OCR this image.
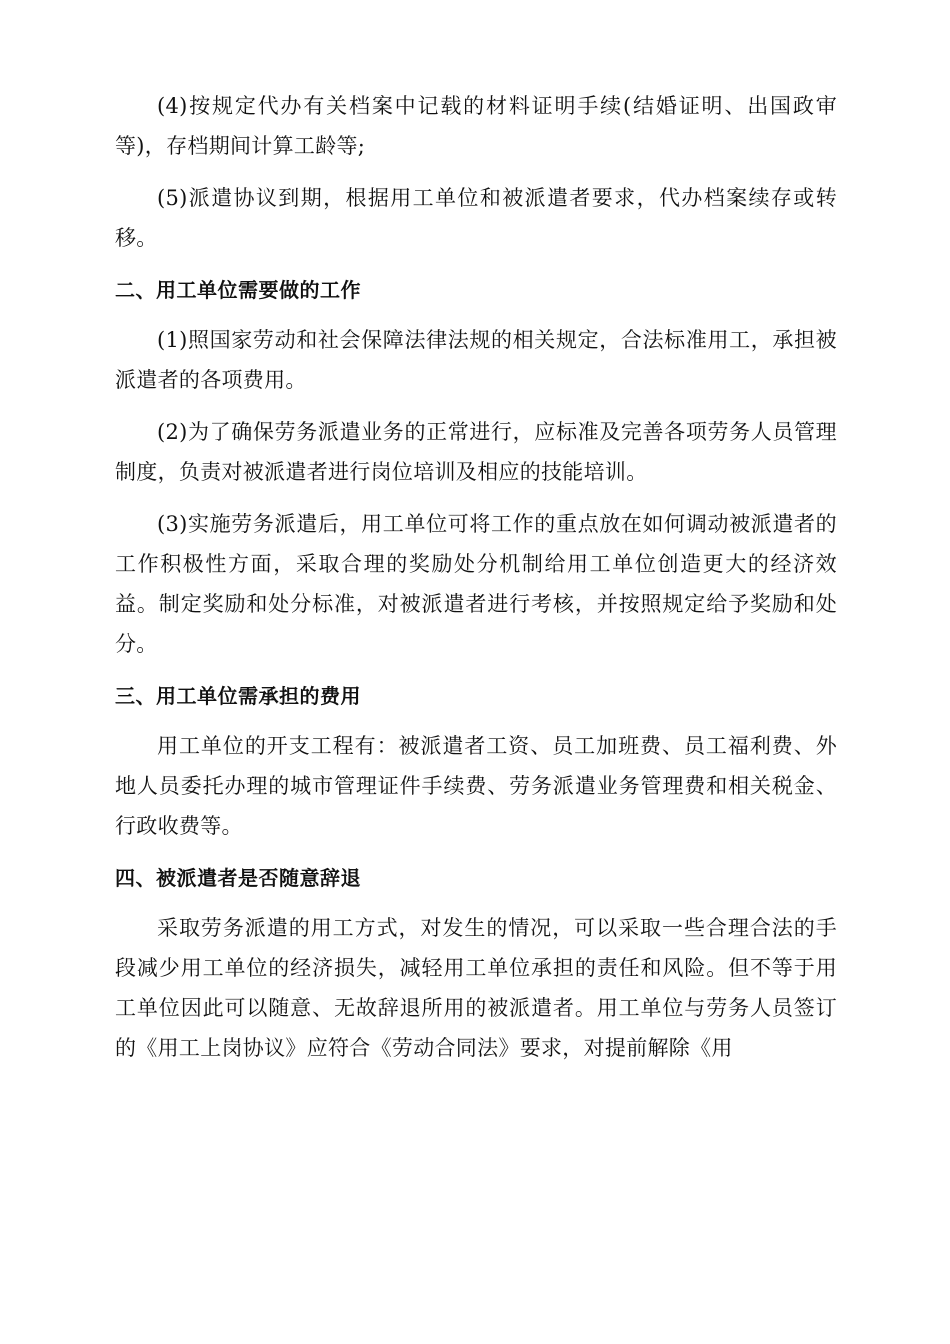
(4)按规定代办有关档案中记载的材料证明手续(结婚证明、出国政审等)，存档期间计算工龄等;

(5)派遣协议到期，根据用工单位和被派遣者要求，代办档案续存或转移。

二、用工单位需要做的工作

(1)照国家劳动和社会保障法律法规的相关规定，合法标准用工，承担被派遣者的各项费用。

(2)为了确保劳务派遣业务的正常进行，应标准及完善各项劳务人员管理制度，负责对被派遣者进行岗位培训及相应的技能培训。

(3)实施劳务派遣后，用工单位可将工作的重点放在如何调动被派遣者的工作积极性方面，采取合理的奖励处分机制给用工单位创造更大的经济效益。制定奖励和处分标准，对被派遣者进行考核，并按照规定给予奖励和处分。

三、用工单位需承担的费用

用工单位的开支工程有：被派遣者工资、员工加班费、员工福利费、外地人员委托办理的城市管理证件手续费、劳务派遣业务管理费和相关税金、行政收费等。

四、被派遣者是否随意辞退

采取劳务派遣的用工方式，对发生的情况，可以采取一些合理合法的手段减少用工单位的经济损失，减轻用工单位承担的责任和风险。但不等于用工单位因此可以随意、无故辞退所用的被派遣者。用工单位与劳务人员签订的《用工上岗协议》应符合《劳动合同法》要求，对提前解除《用
